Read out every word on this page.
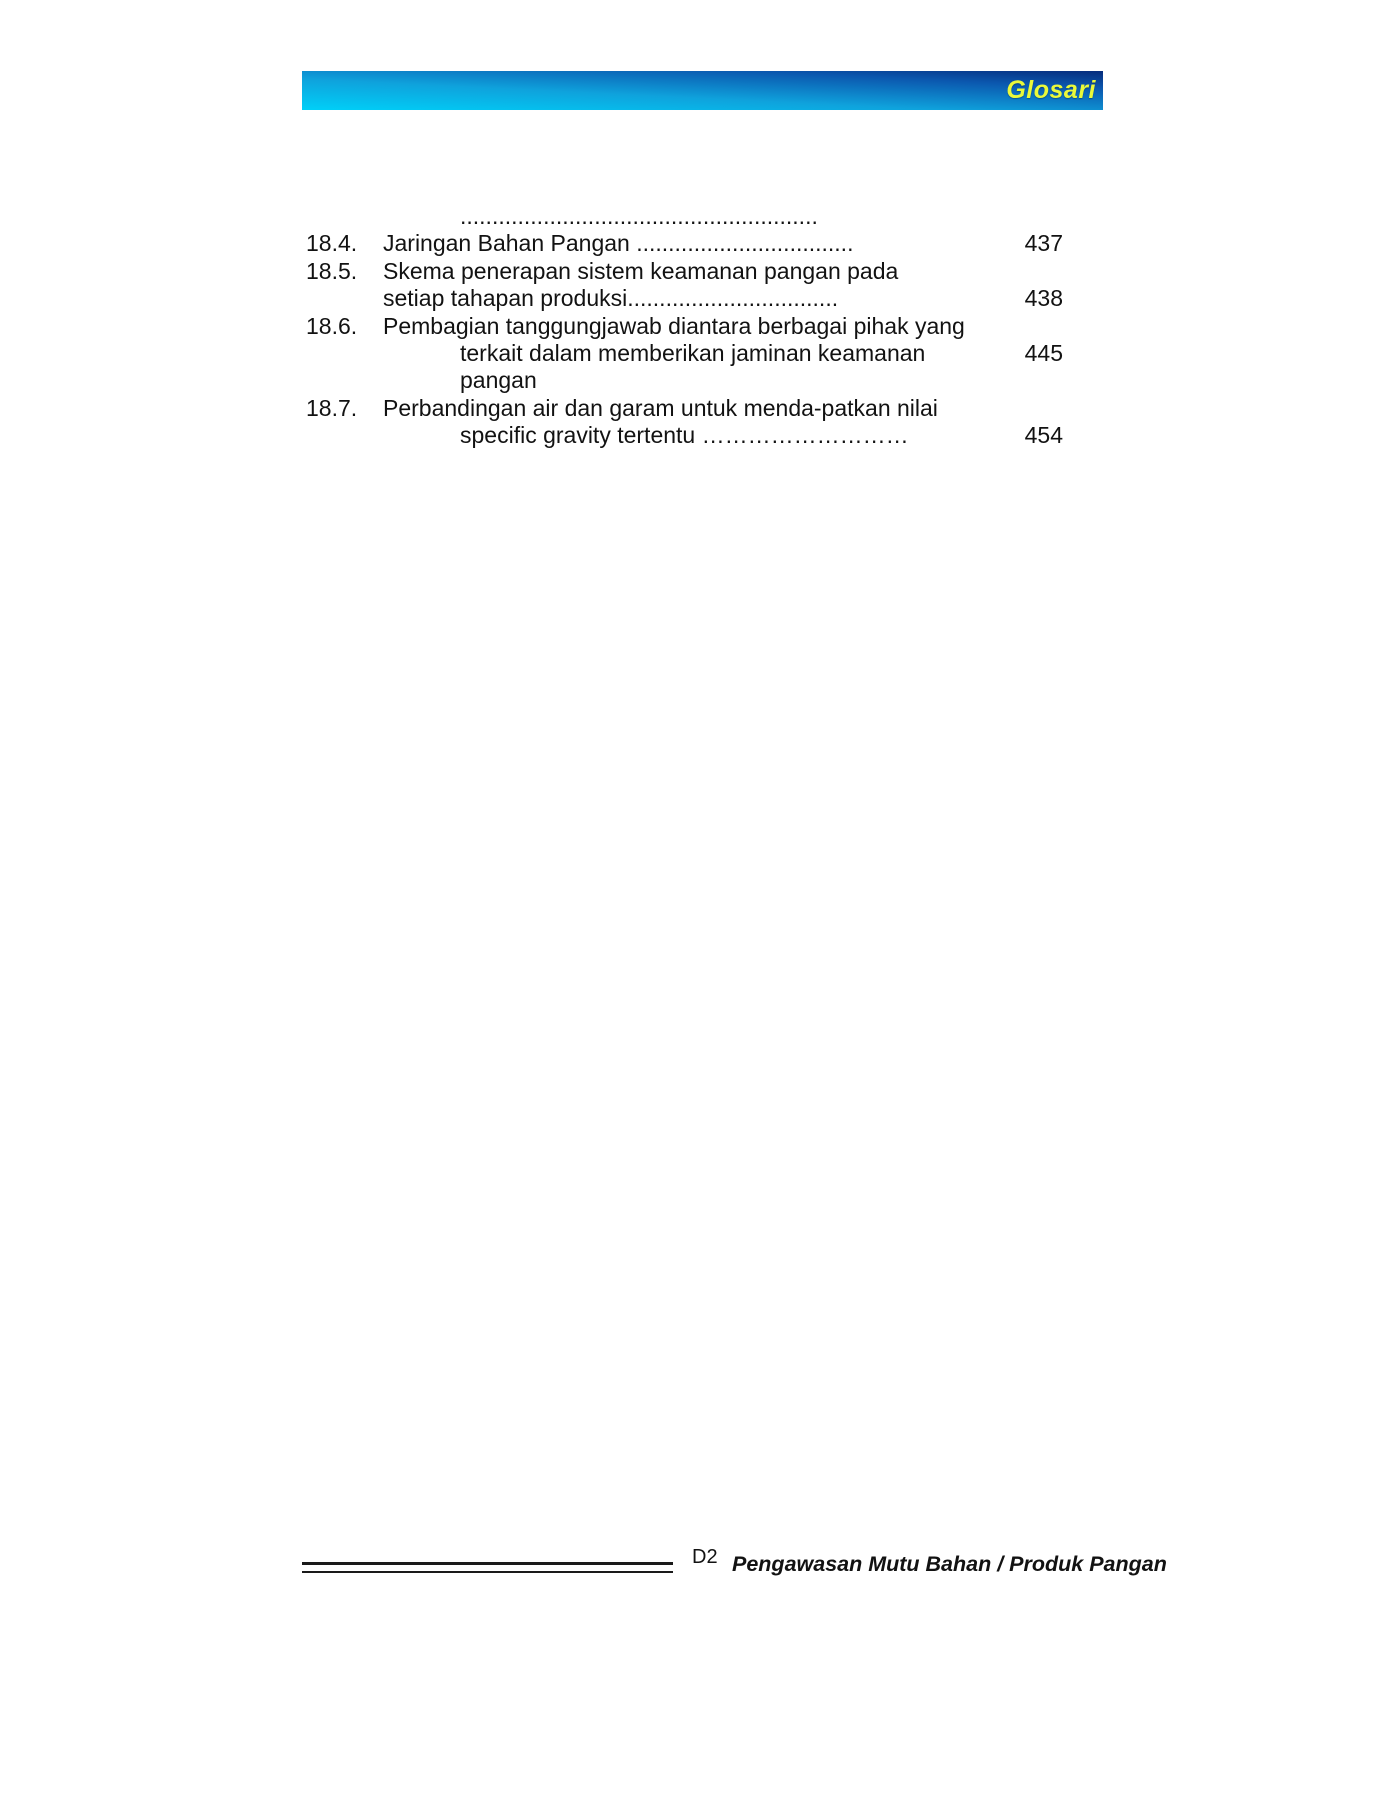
Glosari
........................................................
18.4.	Jaringan Bahan Pangan ..................................	437
18.5.	Skema penerapan sistem keamanan pangan pada
setiap tahapan produksi.................................	438
18.6.	Pembagian tanggungjawab diantara berbagai pihak yang
terkait dalam memberikan jaminan keamanan	445
pangan
18.7.	Perbandingan air dan garam untuk menda-patkan nilai
specific gravity tertentu ………………………	454
D2 Pengawasan Mutu Bahan / Produk Pangan
